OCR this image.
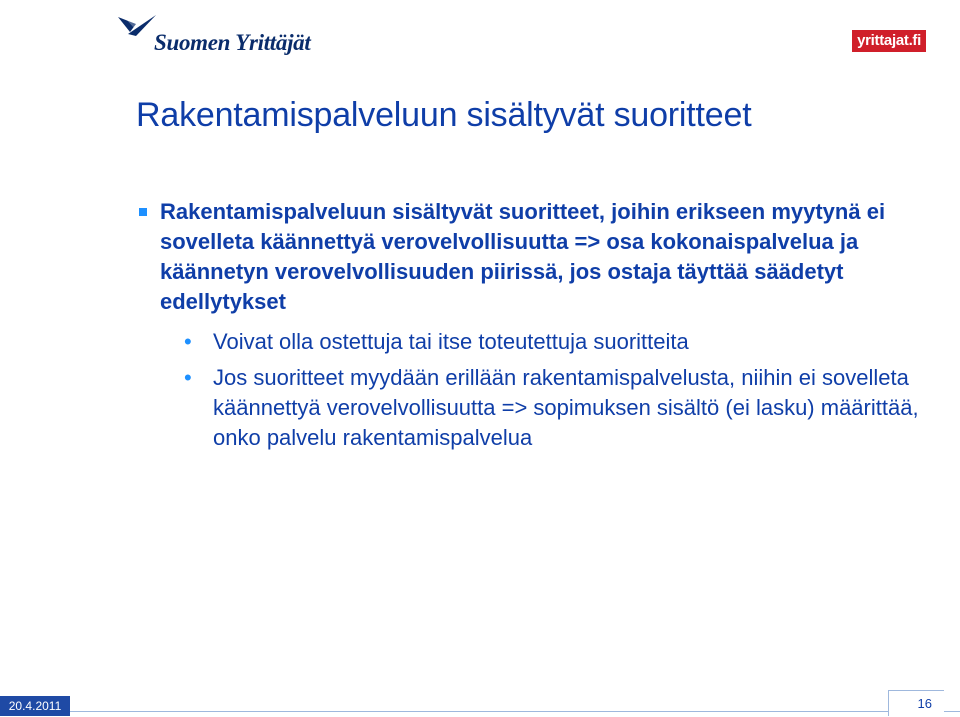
Suomen Yrittäjät	yrittajat.fi
Rakentamispalveluun sisältyvät suoritteet
Rakentamispalveluun sisältyvät suoritteet, joihin erikseen myytynä ei sovelleta käännettyä verovelvollisuutta => osa kokonaispalvelua ja käännetyn verovelvollisuuden piirissä, jos ostaja täyttää säädetyt edellytykset
• Voivat olla ostettuja tai itse toteutettuja suoritteita
• Jos suoritteet myydään erillään rakentamispalvelusta, niihin ei sovelleta käännettyä verovelvollisuutta => sopimuksen sisältö (ei lasku) määrittää, onko palvelu rakentamispalvelua
20.4.2011	16
